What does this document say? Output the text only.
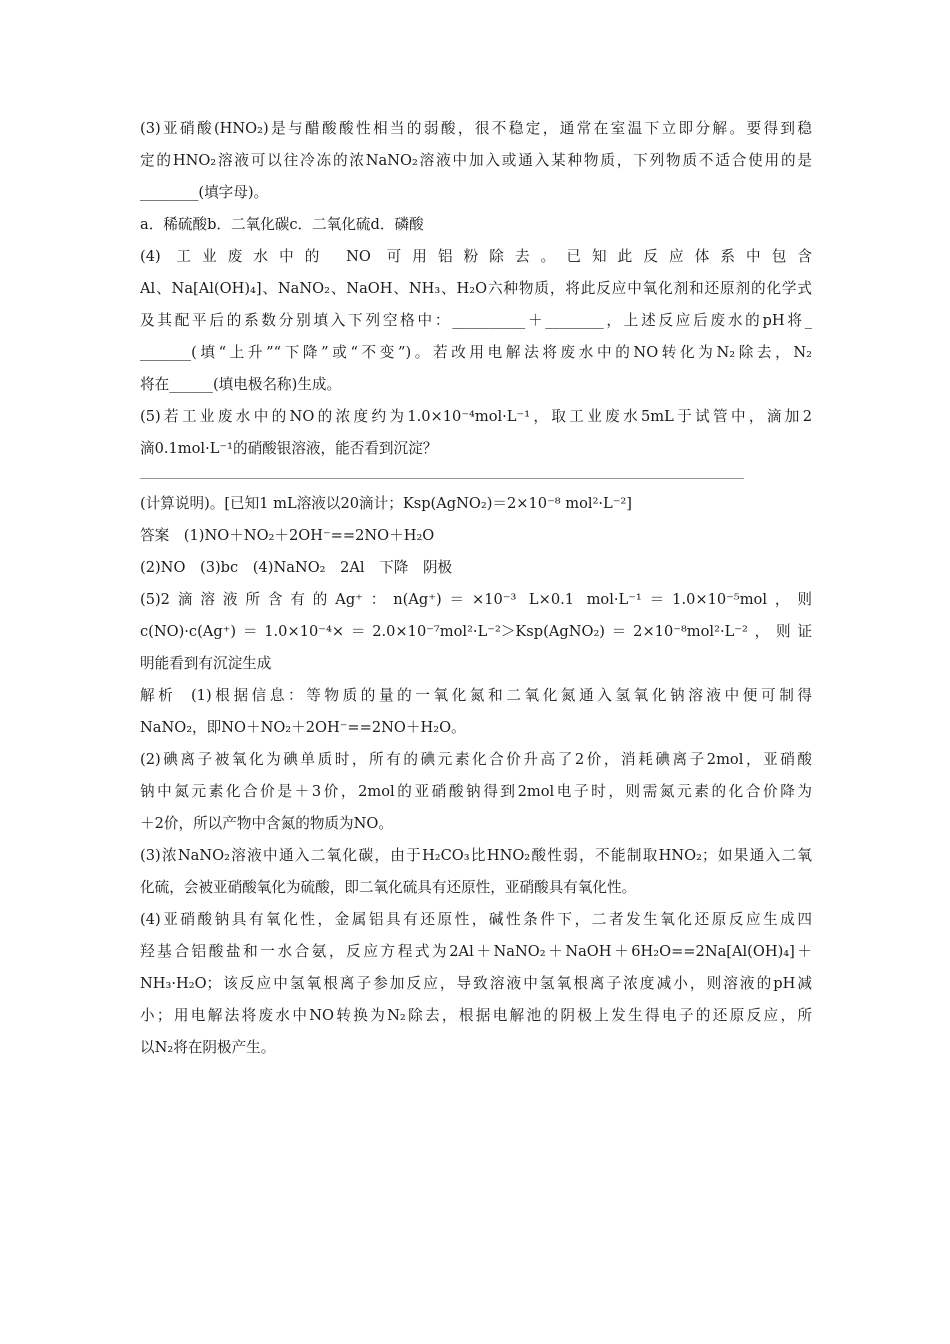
(3)亚硝酸(HNO₂)是与醋酸酸性相当的弱酸，很不稳定，通常在室温下立即分解。要得到稳
定的HNO₂溶液可以往冷冻的浓NaNO₂溶液中加入或通入某种物质，下列物质不适合使用的是
________(填字母)。
a．稀硫酸b．二氧化碳c．二氧化硫d．磷酸
(4) 工业废水中的 NO 可用铝粉除去。已知此反应体系中包含
Al、Na[Al(OH)₄]、NaNO₂、NaOH、NH₃、H₂O六种物质，将此反应中氧化剂和还原剂的化学式
及其配平后的系数分别填入下列空格中：__________＋________，上述反应后废水的pH将_
_______(填“上升”“下降”或“不变”)。若改用电解法将废水中的NO转化为N₂除去，N₂
将在______(填电极名称)生成。
(5)若工业废水中的NO的浓度约为1.0×10⁻⁴mol·L⁻¹，取工业废水5mL于试管中，滴加2
滴0.1mol·L⁻¹的硝酸银溶液，能否看到沉淀？
(计算说明)。[已知1 mL溶液以20滴计；Ksp(AgNO₂)＝2×10⁻⁸ mol²·L⁻²]
答案  (1)NO＋NO₂＋2OH⁻==2NO＋H₂O
(2)NO　(3)bc　(4)NaNO₂　2Al　下降　阴极
(5)2滴溶液所含有的Ag⁺：n(Ag⁺)＝×10⁻³ L×0.1 mol·L⁻¹＝1.0×10⁻⁵mol，则
c(NO)·c(Ag⁺)＝1.0×10⁻⁴×＝2.0×10⁻⁷mol²·L⁻²＞Ksp(AgNO₂)＝2×10⁻⁸mol²·L⁻²，则证
明能看到有沉淀生成
解析  (1)根据信息：等物质的量的一氧化氮和二氧化氮通入氢氧化钠溶液中便可制得
NaNO₂，即NO＋NO₂＋2OH⁻==2NO＋H₂O。
(2)碘离子被氧化为碘单质时，所有的碘元素化合价升高了2价，消耗碘离子2mol，亚硝酸
钠中氮元素化合价是＋3价，2mol的亚硝酸钠得到2mol电子时，则需氮元素的化合价降为
＋2价，所以产物中含氮的物质为NO。
(3)浓NaNO₂溶液中通入二氧化碳，由于H₂CO₃比HNO₂酸性弱，不能制取HNO₂；如果通入二氧
化硫，会被亚硝酸氧化为硫酸，即二氧化硫具有还原性，亚硝酸具有氧化性。
(4)亚硝酸钠具有氧化性，金属铝具有还原性，碱性条件下，二者发生氧化还原反应生成四
羟基合铝酸盐和一水合氨，反应方程式为2Al＋NaNO₂＋NaOH＋6H₂O==2Na[Al(OH)₄]＋
NH₃·H₂O；该反应中氢氧根离子参加反应，导致溶液中氢氧根离子浓度减小，则溶液的pH减
小；用电解法将废水中NO转换为N₂除去，根据电解池的阴极上发生得电子的还原反应，所
以N₂将在阴极产生。
